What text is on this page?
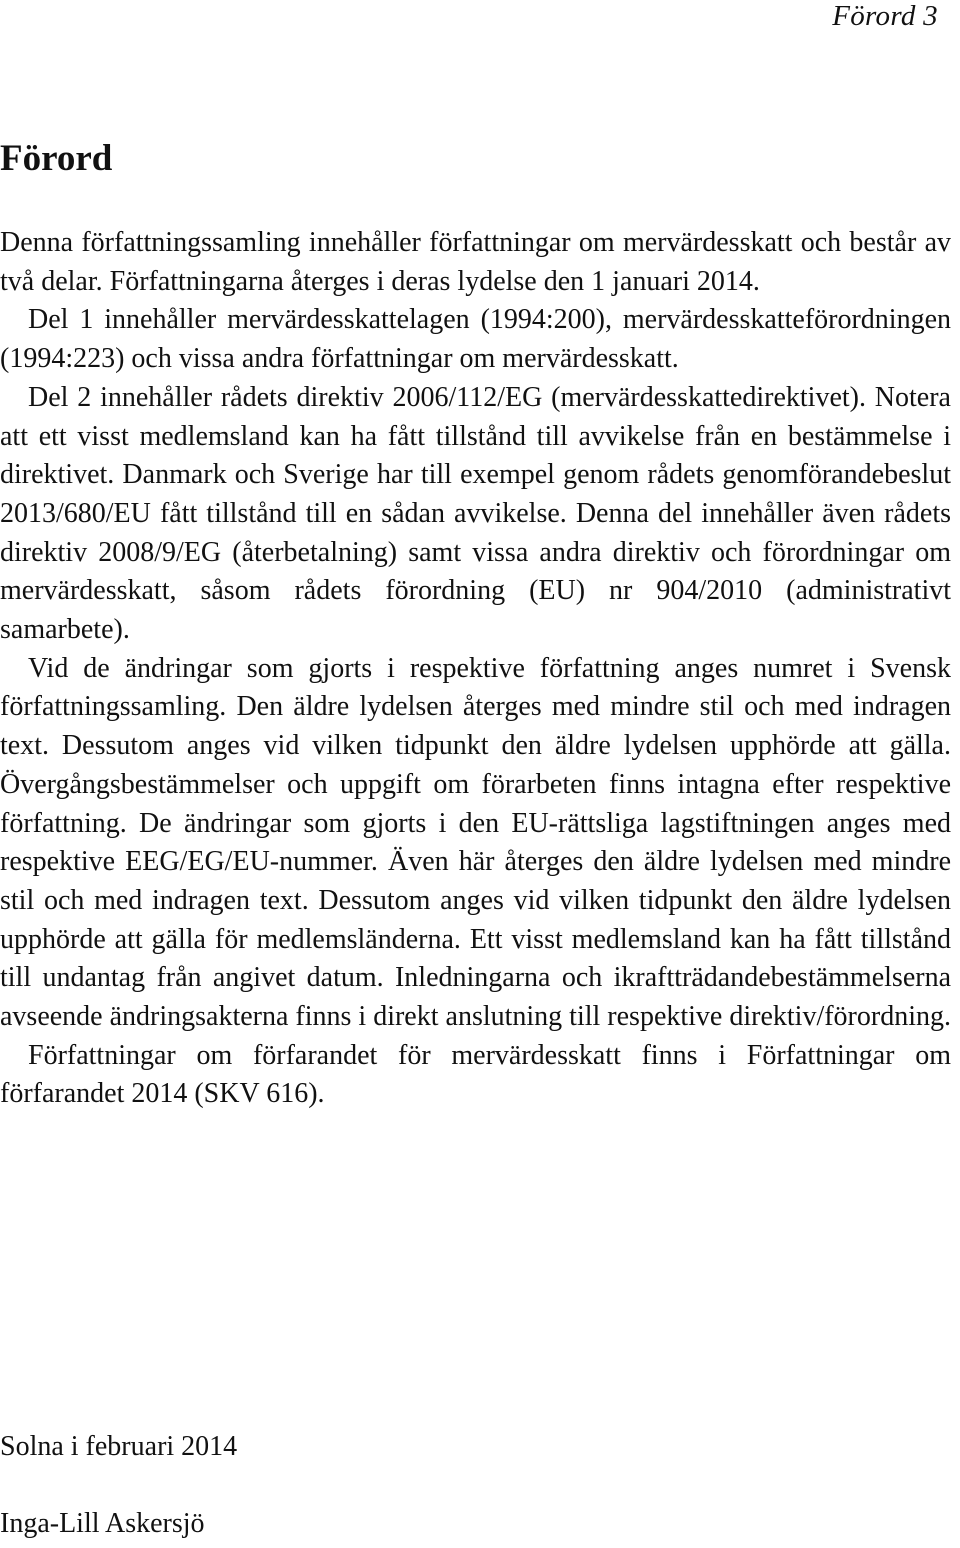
Förord 3
Förord

Denna författningssamling innehåller författningar om mervärdesskatt och består av två delar. Författningarna återges i deras lydelse den 1 januari 2014.

Del 1 innehåller mervärdesskattelagen (1994:200), mervärdesskatteförordningen (1994:223) och vissa andra författningar om mervärdesskatt.

Del 2 innehåller rådets direktiv 2006/112/EG (mervärdesskattedirektivet). Notera att ett visst medlemsland kan ha fått tillstånd till avvikelse från en bestämmelse i direktivet. Danmark och Sverige har till exempel genom rådets genomförandebeslut 2013/680/EU fått tillstånd till en sådan avvikelse. Denna del innehåller även rådets direktiv 2008/9/EG (återbetalning) samt vissa andra direktiv och förordningar om mervärdesskatt, såsom rådets förordning (EU) nr 904/2010 (administrativt samarbete).

Vid de ändringar som gjorts i respektive författning anges numret i Svensk författningssamling. Den äldre lydelsen återges med mindre stil och med indragen text. Dessutom anges vid vilken tidpunkt den äldre lydelsen upphörde att gälla. Övergångsbestämmelser och uppgift om förarbeten finns intagna efter respektive författning. De ändringar som gjorts i den EU-rättsliga lagstiftningen anges med respektive EEG/EG/EU-nummer. Även här återges den äldre lydelsen med mindre stil och med indragen text. Dessutom anges vid vilken tidpunkt den äldre lydelsen upphörde att gälla för medlemsländerna. Ett visst medlemsland kan ha fått tillstånd till undantag från angivet datum. Inledningarna och ikraftträdandebestämmelserna avseende ändringsakterna finns i direkt anslutning till respektive direktiv/förordning.

Författningar om förfarandet för mervärdesskatt finns i Författningar om förfarandet 2014 (SKV 616).

Solna i februari 2014
Inga-Lill Askersjö
